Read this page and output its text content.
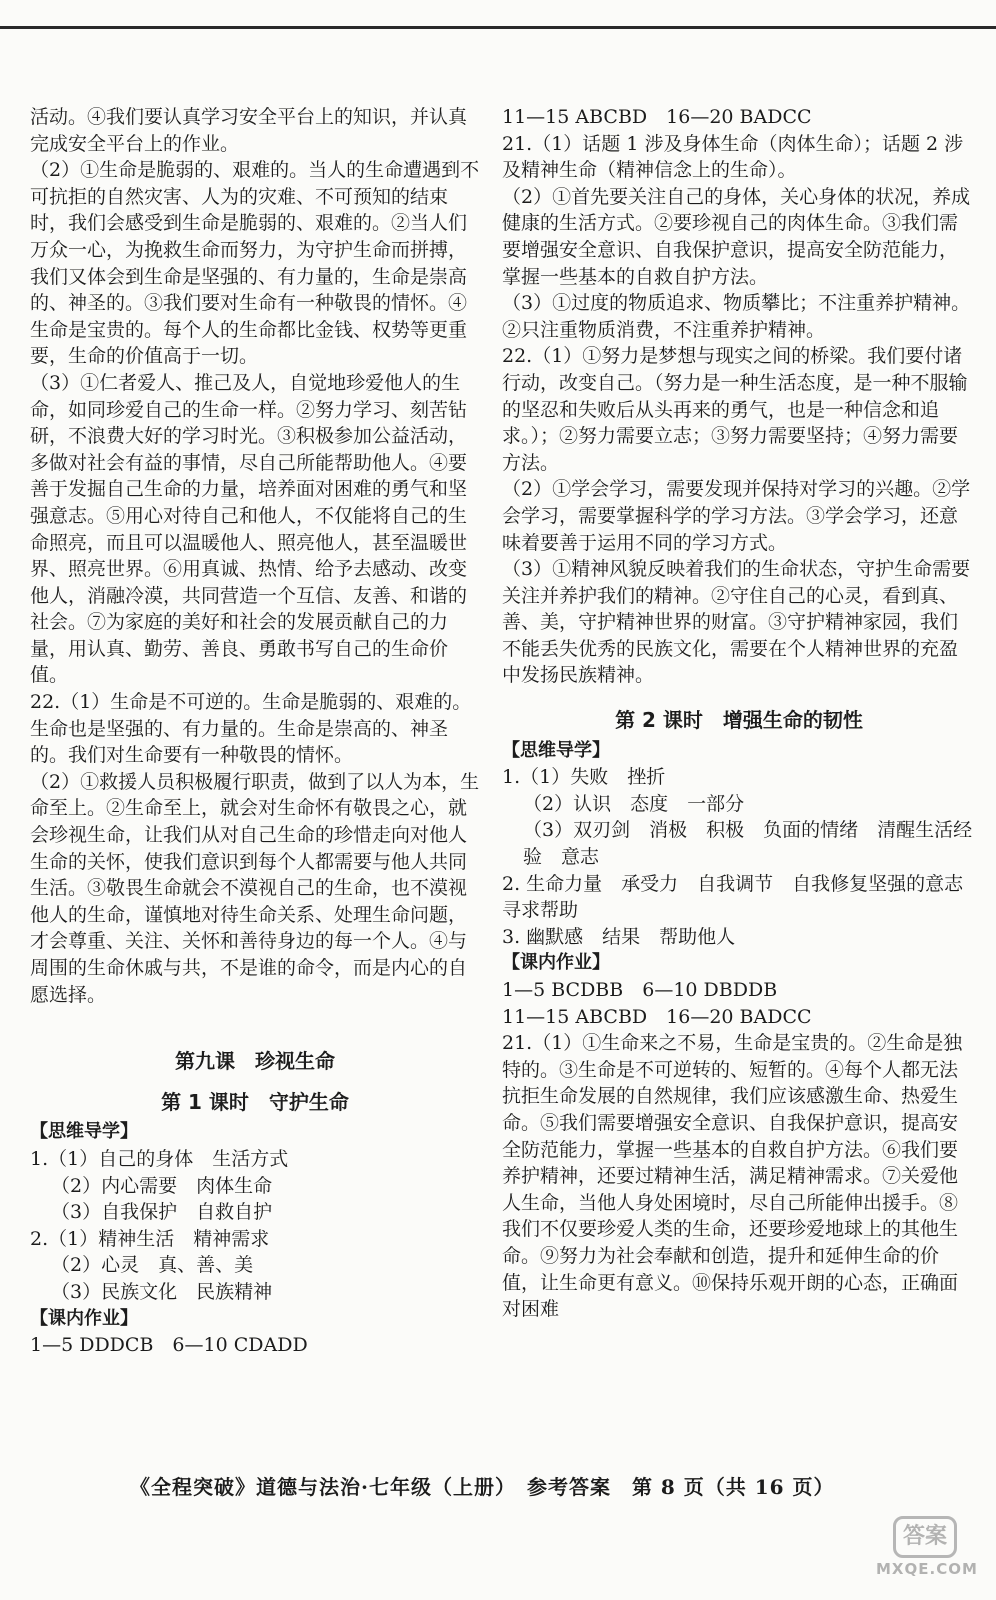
活动。④我们要认真学习安全平台上的知识，并认真完成安全平台上的作业。

（2）①生命是脆弱的、艰难的。当人的生命遭遇到不可抗拒的自然灾害、人为的灾难、不可预知的结束时，我们会感受到生命是脆弱的、艰难的。②当人们万众一心，为挽救生命而努力，为守护生命而拼搏，我们又体会到生命是坚强的、有力量的，生命是崇高的、神圣的。③我们要对生命有一种敬畏的情怀。④生命是宝贵的。每个人的生命都比金钱、权势等更重要，生命的价值高于一切。

（3）①仁者爱人、推己及人，自觉地珍爱他人的生命，如同珍爱自己的生命一样。②努力学习、刻苦钻研，不浪费大好的学习时光。③积极参加公益活动，多做对社会有益的事情，尽自己所能帮助他人。④要善于发掘自己生命的力量，培养面对困难的勇气和坚强意志。⑤用心对待自己和他人，不仅能将自己的生命照亮，而且可以温暖他人、照亮他人，甚至温暖世界、照亮世界。⑥用真诚、热情、给予去感动、改变他人，消融冷漠，共同营造一个互信、友善、和谐的社会。⑦为家庭的美好和社会的发展贡献自己的力量，用认真、勤劳、善良、勇敢书写自己的生命价值。

22.（1）生命是不可逆的。生命是脆弱的、艰难的。生命也是坚强的、有力量的。生命是崇高的、神圣的。我们对生命要有一种敬畏的情怀。

（2）①救援人员积极履行职责，做到了以人为本，生命至上。②生命至上，就会对生命怀有敬畏之心，就会珍视生命，让我们从对自己生命的珍惜走向对他人生命的关怀，使我们意识到每个人都需要与他人共同生活。③敬畏生命就会不漠视自己的生命，也不漠视他人的生命，谨慎地对待生命关系、处理生命问题，才会尊重、关注、关怀和善待身边的每一个人。④与周围的生命休戚与共，不是谁的命令，而是内心的自愿选择。

第九课　珍视生命

第 1 课时　守护生命

【思维导学】

1.（1）自己的身体　生活方式

（2）内心需要　肉体生命

（3）自我保护　自救自护

2.（1）精神生活　精神需求

（2）心灵　真、善、美

（3）民族文化　民族精神

【课内作业】

1—5 DDDCB　6—10 CDADD

11—15 ABCBD　16—20 BADCC

21.（1）话题 1 涉及身体生命（肉体生命）；话题 2 涉及精神生命（精神信念上的生命）。

（2）①首先要关注自己的身体，关心身体的状况，养成健康的生活方式。②要珍视自己的肉体生命。③我们需要增强安全意识、自我保护意识，提高安全防范能力，掌握一些基本的自救自护方法。

（3）①过度的物质追求、物质攀比；不注重养护精神。②只注重物质消费，不注重养护精神。

22.（1）①努力是梦想与现实之间的桥梁。我们要付诸行动，改变自己。（努力是一种生活态度，是一种不服输的坚忍和失败后从头再来的勇气，也是一种信念和追求。）；②努力需要立志；③努力需要坚持；④努力需要方法。

（2）①学会学习，需要发现并保持对学习的兴趣。②学会学习，需要掌握科学的学习方法。③学会学习，还意味着要善于运用不同的学习方式。

（3）①精神风貌反映着我们的生命状态，守护生命需要关注并养护我们的精神。②守住自己的心灵，看到真、善、美，守护精神世界的财富。③守护精神家园，我们不能丢失优秀的民族文化，需要在个人精神世界的充盈中发扬民族精神。

第 2 课时　增强生命的韧性

【思维导学】

1.（1）失败　挫折

（2）认识　态度　一部分

（3）双刃剑　消极　积极　负面的情绪　清醒生活经验　意志

2. 生命力量　承受力　自我调节　自我修复坚强的意志　寻求帮助

3. 幽默感　结果　帮助他人

【课内作业】

1—5 BCDBB　6—10 DBDDB

11—15 ABCBD　16—20 BADCC

21.（1）①生命来之不易，生命是宝贵的。②生命是独特的。③生命是不可逆转的、短暂的。④每个人都无法抗拒生命发展的自然规律，我们应该感激生命、热爱生命。⑤我们需要增强安全意识、自我保护意识，提高安全防范能力，掌握一些基本的自救自护方法。⑥我们要养护精神，还要过精神生活，满足精神需求。⑦关爱他人生命，当他人身处困境时，尽自己所能伸出援手。⑧我们不仅要珍爱人类的生命，还要珍爱地球上的其他生命。⑨努力为社会奉献和创造，提升和延伸生命的价值，让生命更有意义。⑩保持乐观开朗的心态，正确面对困难

《全程突破》道德与法治·七年级（上册）　参考答案　第 8 页（共 16 页）
答案
MXQE.COM
